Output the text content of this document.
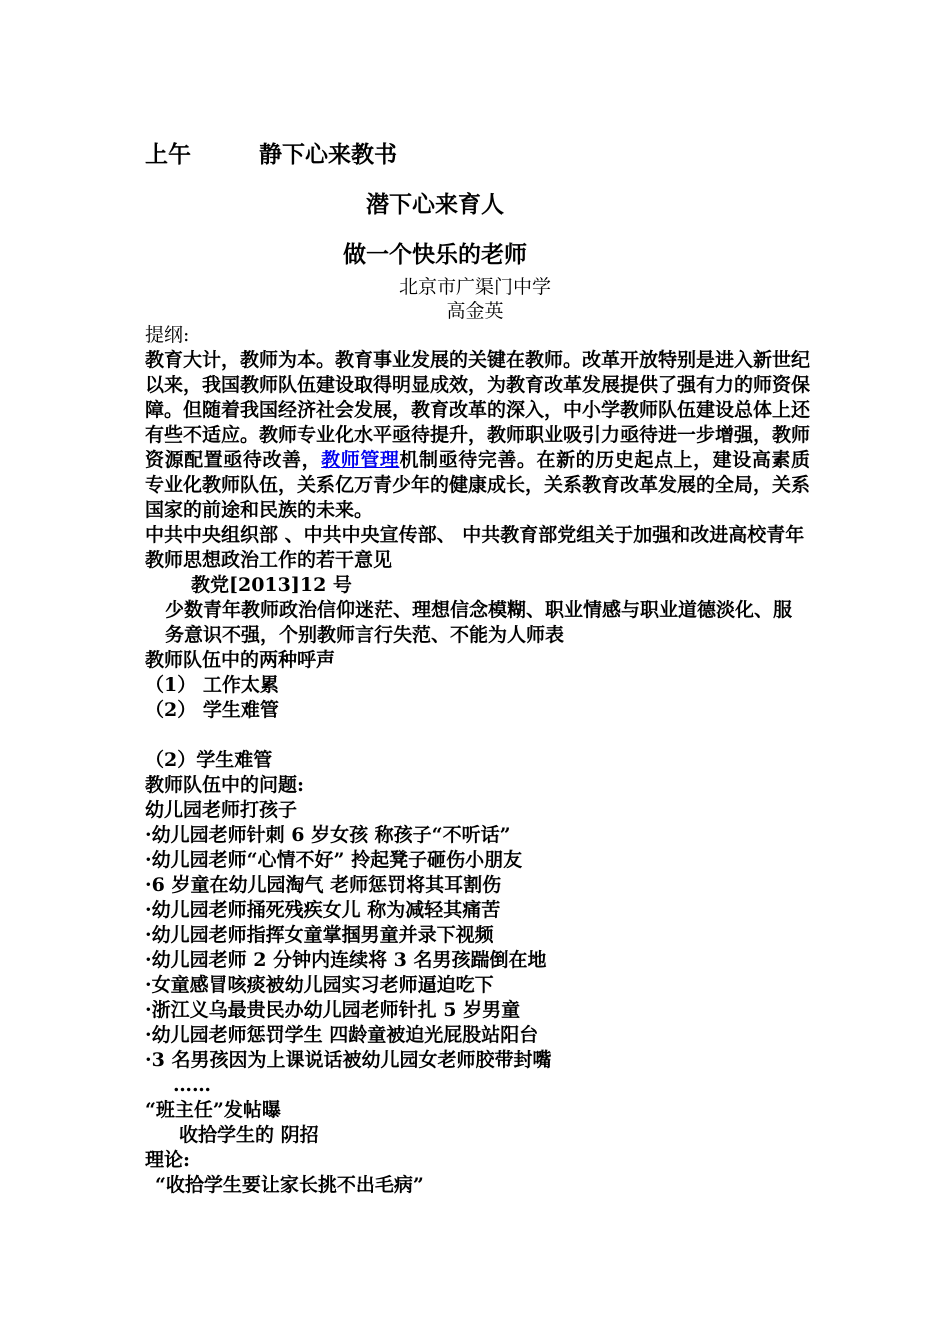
上午	静下心来教书
潜下心来育人
做一个快乐的老师
北京市广渠门中学
高金英

提纲:

教育大计，教师为本。教育事业发展的关键在教师。改革开放特别是进入新世纪以来，我国教师队伍建设取得明显成效，为教育改革发展提供了强有力的师资保障。但随着我国经济社会发展，教育改革的深入，中小学教师队伍建设总体上还有些不适应。教师专业化水平亟待提升，教师职业吸引力亟待进一步增强，教师资源配置亟待改善，教师管理机制亟待完善。在新的历史起点上，建设高素质专业化教师队伍，关系亿万青少年的健康成长，关系教育改革发展的全局，关系国家的前途和民族的未来。

中共中央组织部 、中共中央宣传部、 中共教育部党组关于加强和改进高校青年教师思想政治工作的若干意见

教党[2013]12 号

少数青年教师政治信仰迷茫、理想信念模糊、职业情感与职业道德淡化、服务意识不强，个别教师言行失范、不能为人师表

教师队伍中的两种呼声

（1） 工作太累

（2） 学生难管

（2）学生难管

教师队伍中的问题:

幼儿园老师打孩子

·幼儿园老师针刺 6 岁女孩 称孩子“不听话”

·幼儿园老师“心情不好” 拎起凳子砸伤小朋友

·6 岁童在幼儿园淘气 老师惩罚将其耳割伤

·幼儿园老师捅死残疾女儿 称为减轻其痛苦

·幼儿园老师指挥女童掌掴男童并录下视频

·幼儿园老师 2 分钟内连续将 3 名男孩踹倒在地

·女童感冒咳痰被幼儿园实习老师逼迫吃下

·浙江义乌最贵民办幼儿园老师针扎 5 岁男童

·幼儿园老师惩罚学生 四龄童被迫光屁股站阳台

·3 名男孩因为上课说话被幼儿园女老师胶带封嘴

……

“班主任”发帖曝

收拾学生的 阴招

理论:

“收拾学生要让家长挑不出毛病”
